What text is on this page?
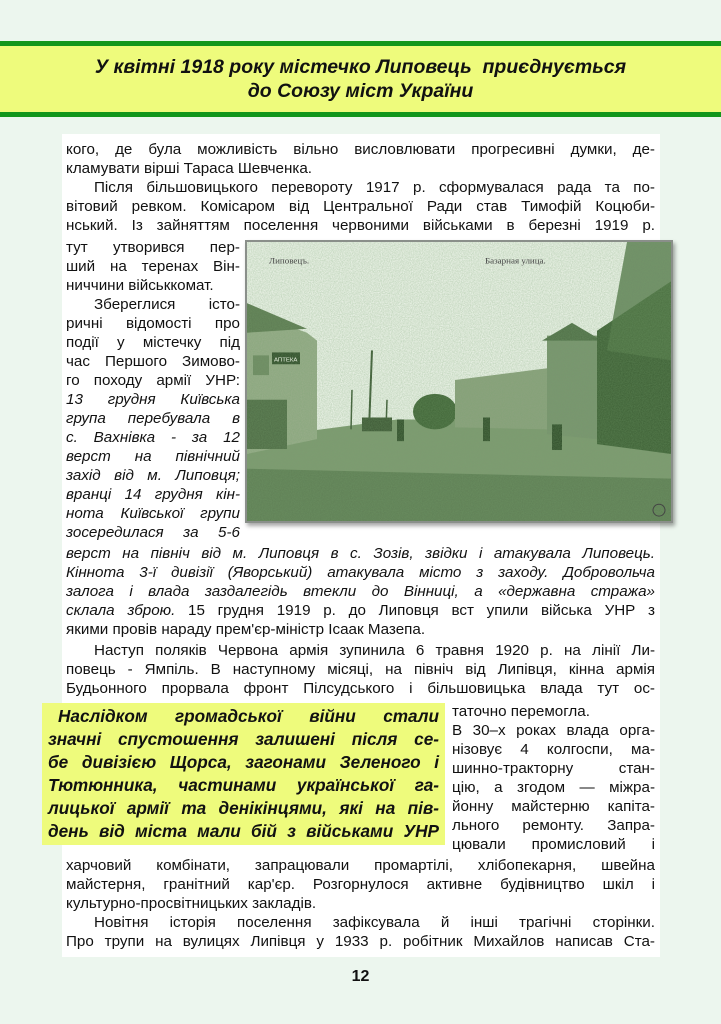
У квітні 1918 року містечко Липовець  приєднується
до Союзу міст України
кого, де була можливість вільно висловлювати прогресивні думки, де-
кламувати вірші Тараса Шевченка.
Після більшовицького перевороту 1917 р. сформувалася рада та по-
вітовий ревком. Комісаром від Центральної Ради став Тимофій Коцюби-
нський. Із зайняттям поселення червоними військами в березні 1919 р.
тут утворився пер-
ший на теренах Він-
ниччини військкомат.
Збереглися істо-
ричні відомості про
події у містечку під
час Першого Зимово-
го походу армії УНР:
13 грудня Київська
група перебувала в
с. Вахнівка - за 12
верст на північний
захід від м. Липовця;
вранці 14 грудня кін-
нота Київської групи
зосередилася за 5-6
Липовецъ.	Базарная улица.
АПТЕКА
верст на північ від м. Липовця в с. Зозів, звідки і атакувала Липовець.
Кіннота 3-ї дивізії (Яворський) атакувала місто з заходу. Добровольча
залога і влада заздалегідь втекли до Вінниці, а «державна стража»
склала зброю. 15 грудня 1919 р. до Липовця вст упили війська УНР з
якими провів нараду прем'єр-міністр Ісаак Мазепа.
Наступ поляків Червона армія зупинила 6 травня 1920 р. на лінії Ли-
повець - Ямпіль. В наступному місяці, на північ від Липівця, кінна армія
Будьонного прорвала фронт Пілсудського і більшовицька влада тут ос-
таточно перемогла.
В 30–х роках влада орга-
нізовує 4 колгоспи, ма-
шинно-тракторну стан-
цію, а згодом — міжра-
йонну майстерню капіта-
льного ремонту. Запра-
цювали промисловий і
Наслідком громадської війни стали
значні спустошення залишені після се-
бе дивізією Щорса, загонами Зеленого і
Тютюнника, частинами української га-
лицької армії та денікінцями, які на пів-
день від міста мали бій з військами УНР
харчовий комбінати, запрацювали промартілі, хлібопекарня, швейна
майстерня, гранітний кар'єр. Розгорнулося активне будівництво шкіл і
культурно-просвітницьких закладів.
Новітня історія поселення зафіксувала й інші трагічні сторінки.
Про трупи на вулицях Липівця у 1933 р. робітник Михайлов написав Ста-
12
